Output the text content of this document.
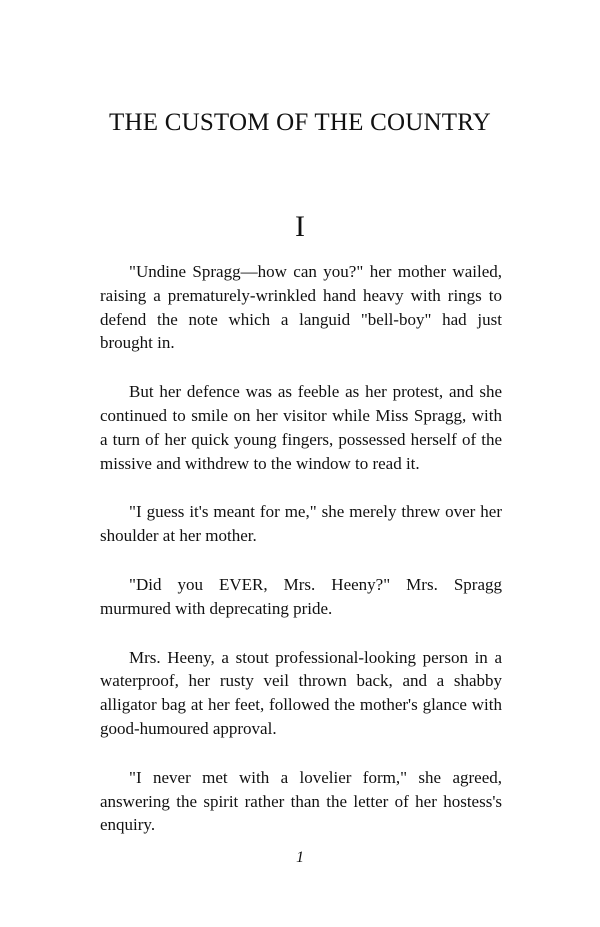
THE CUSTOM OF THE COUNTRY
I

"Undine Spragg—how can you?" her mother wailed, raising a prematurely-wrinkled hand heavy with rings to defend the note which a languid "bell-boy" had just brought in.

But her defence was as feeble as her protest, and she continued to smile on her visitor while Miss Spragg, with a turn of her quick young fingers, possessed herself of the missive and withdrew to the window to read it.

"I guess it's meant for me," she merely threw over her shoulder at her mother.

"Did you EVER, Mrs. Heeny?" Mrs. Spragg murmured with deprecating pride.

Mrs. Heeny, a stout professional-looking person in a waterproof, her rusty veil thrown back, and a shabby alligator bag at her feet, followed the mother's glance with good-humoured approval.

"I never met with a lovelier form," she agreed, answering the spirit rather than the letter of her hostess's enquiry.

1
